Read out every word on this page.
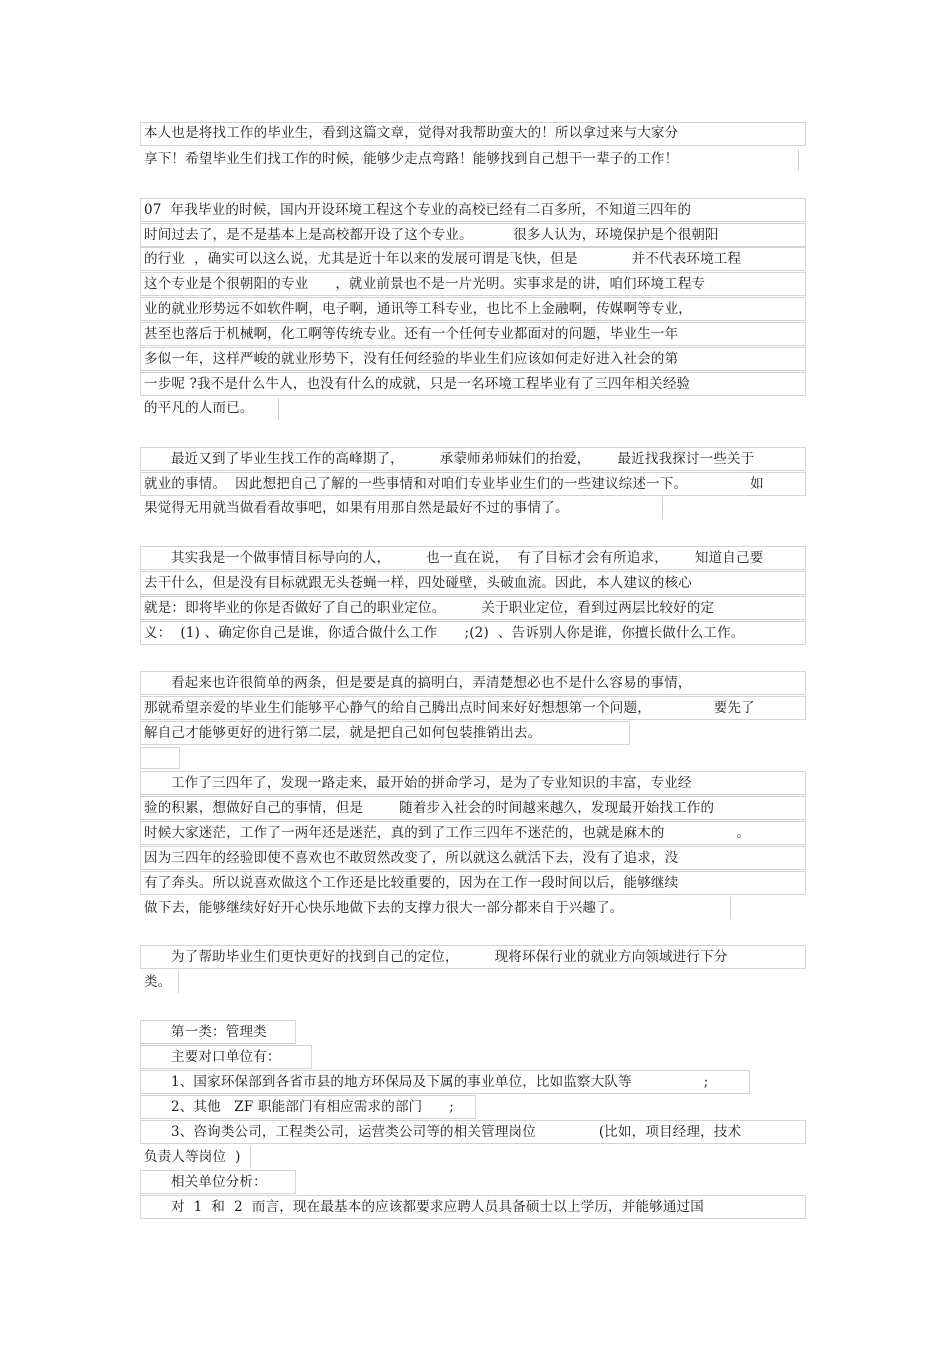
本人也是将找工作的毕业生，看到这篇文章，觉得对我帮助蛮大的！所以拿过来与大家分
享下！希望毕业生们找工作的时候，能够少走点弯路！能够找到自己想干一辈子的工作！
07  年我毕业的时候，国内开设环境工程这个专业的高校已经有二百多所，不知道三四年的
时间过去了，是不是基本上是高校都开设了这个专业。         很多人认为，环境保护是个很朝阳
的行业  ，确实可以这么说，尤其是近十年以来的发展可谓是飞快，但是            并不代表环境工程
这个专业是个很朝阳的专业      ，就业前景也不是一片光明。实事求是的讲，咱们环境工程专
业的就业形势远不如软件啊，电子啊，通讯等工科专业，也比不上金融啊，传媒啊等专业，
甚至也落后于机械啊，化工啊等传统专业。还有一个任何专业都面对的问题，毕业生一年
多似一年，这样严峻的就业形势下，没有任何经验的毕业生们应该如何走好进入社会的第
一步呢 ?我不是什么牛人，也没有什么的成就，只是一名环境工程毕业有了三四年相关经验
的平凡的人而已。
最近又到了毕业生找工作的高峰期了，        承蒙师弟师妹们的抬爱，      最近找我探讨一些关于
就业的事情。  因此想把自己了解的一些事情和对咱们专业毕业生们的一些建议综述一下。              如
果觉得无用就当做看看故事吧，如果有用那自然是最好不过的事情了。
其实我是一个做事情目标导向的人，        也一直在说，  有了目标才会有所追求，      知道自己要
去干什么，但是没有目标就跟无头苍蝇一样，四处碰壁，头破血流。因此，本人建议的核心
就是：即将毕业的你是否做好了自己的职业定位。        关于职业定位，看到过两层比较好的定
义：  (1) 、确定你自己是谁，你适合做什么工作      ;(2)  、告诉别人你是谁，你擅长做什么工作。
看起来也许很简单的两条，但是要是真的搞明白，弄清楚想必也不是什么容易的事情，
那就希望亲爱的毕业生们能够平心静气的给自己腾出点时间来好好想想第一个问题，              要先了
解自己才能够更好的进行第二层，就是把自己如何包装推销出去。
工作了三四年了，发现一路走来，最开始的拼命学习，是为了专业知识的丰富，专业经
验的积累，想做好自己的事情，但是        随着步入社会的时间越来越久，发现最开始找工作的
时候大家迷茫，工作了一两年还是迷茫，真的到了工作三四年不迷茫的，也就是麻木的                。
因为三四年的经验即使不喜欢也不敢贸然改变了，所以就这么就活下去，没有了追求，没
有了奔头。所以说喜欢做这个工作还是比较重要的，因为在工作一段时间以后，能够继续
做下去，能够继续好好开心快乐地做下去的支撑力很大一部分都来自于兴趣了。
为了帮助毕业生们更快更好的找到自己的定位，        现将环保行业的就业方向领域进行下分
类。
第一类：管理类
主要对口单位有：
1、国家环保部到各省市县的地方环保局及下属的事业单位，比如监察大队等                ;
2、其他   ZF 职能部门有相应需求的部门      ;
3、咨询类公司，工程类公司，运营类公司等的相关管理岗位              (比如，项目经理，技术
负责人等岗位  )
相关单位分析：
对  1  和  2  而言，现在最基本的应该都要求应聘人员具备硕士以上学历，并能够通过国
